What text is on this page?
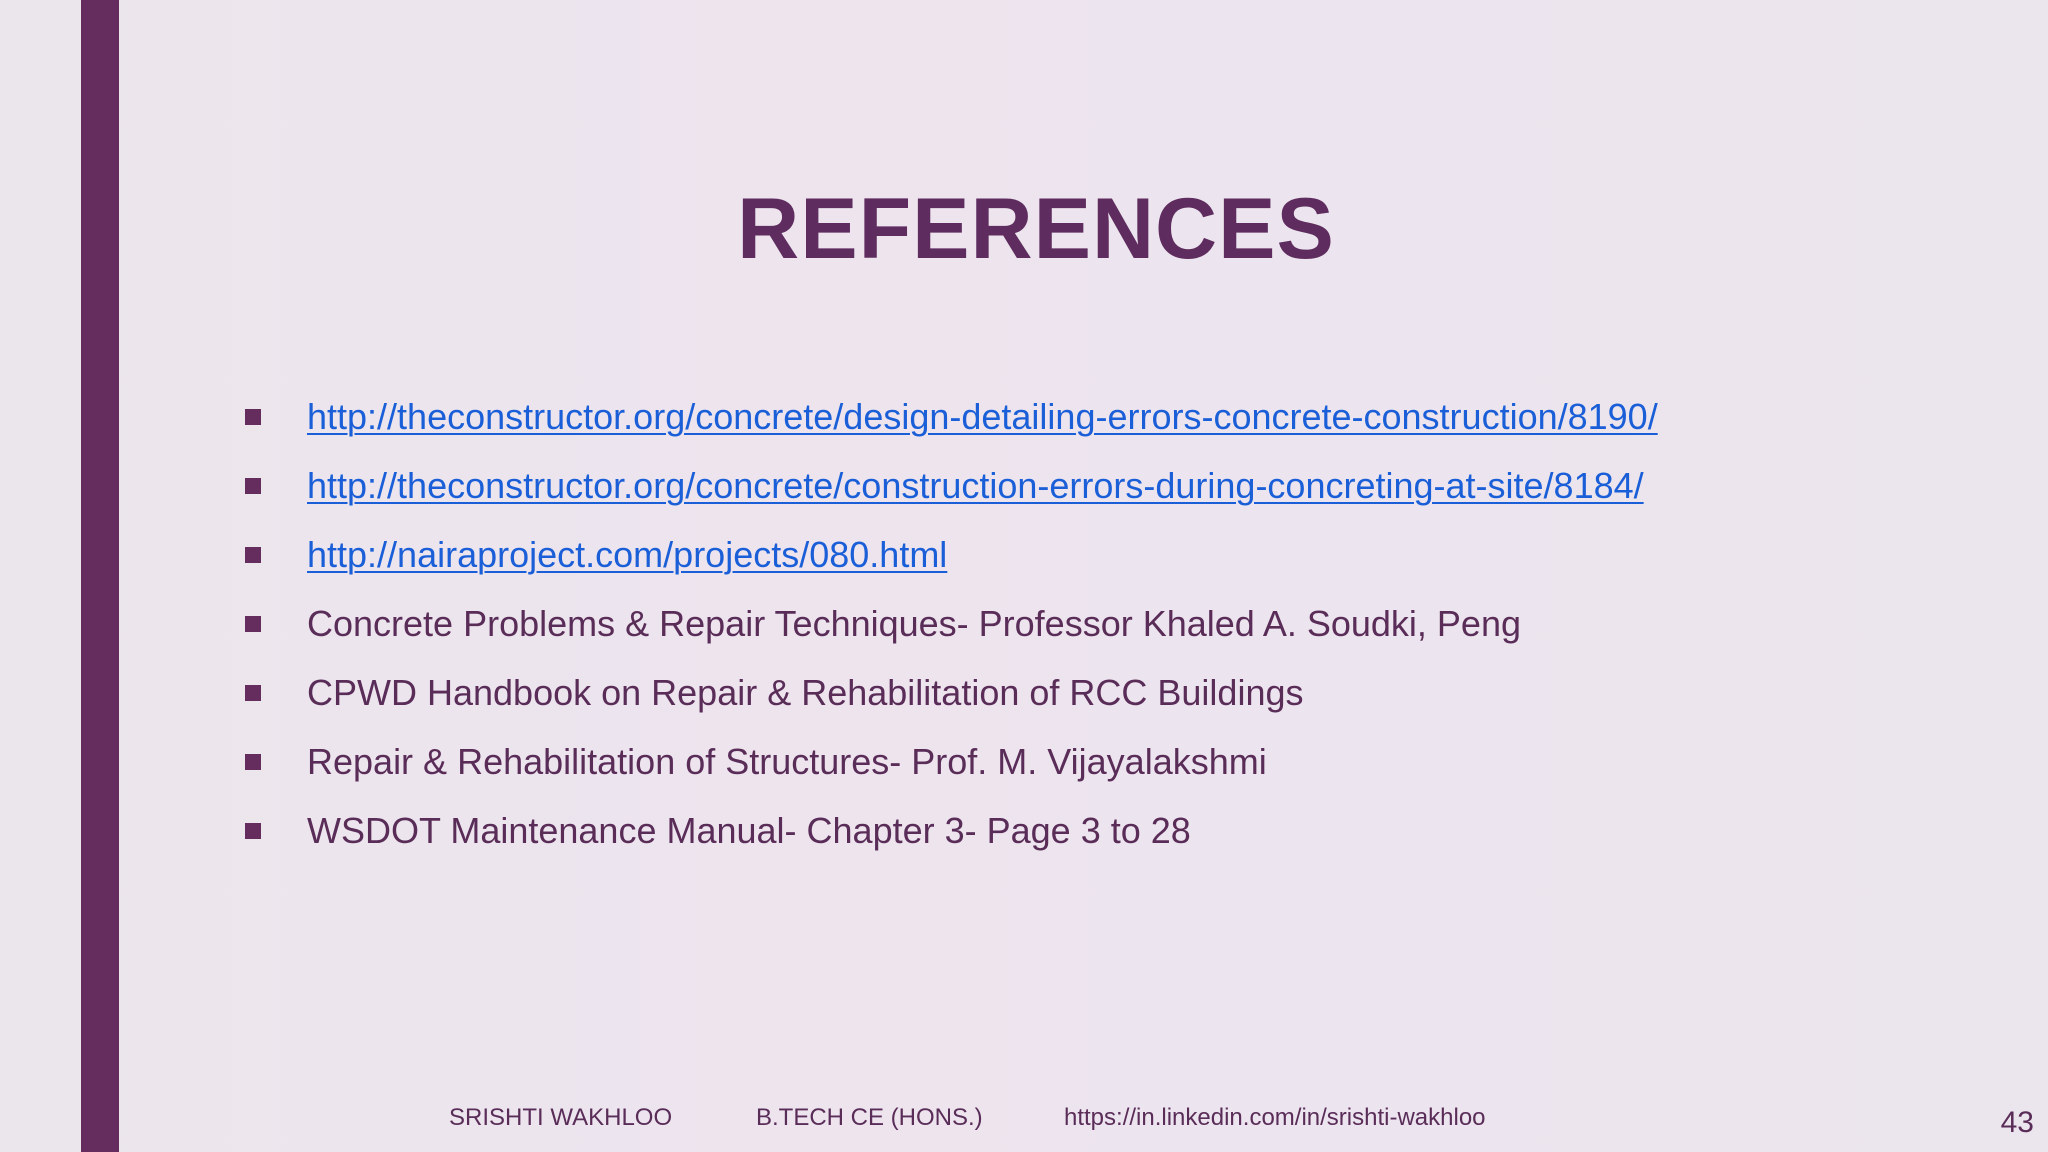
REFERENCES
http://theconstructor.org/concrete/design-detailing-errors-concrete-construction/8190/
http://theconstructor.org/concrete/construction-errors-during-concreting-at-site/8184/
http://nairaproject.com/projects/080.html
Concrete Problems & Repair Techniques- Professor Khaled A. Soudki, Peng
CPWD Handbook on Repair & Rehabilitation of RCC Buildings
Repair & Rehabilitation of Structures- Prof. M. Vijayalakshmi
WSDOT Maintenance Manual- Chapter 3- Page 3 to 28
SRISHTI WAKHLOO	B.TECH CE (HONS.)	https://in.linkedin.com/in/srishti-wakhloo	43
